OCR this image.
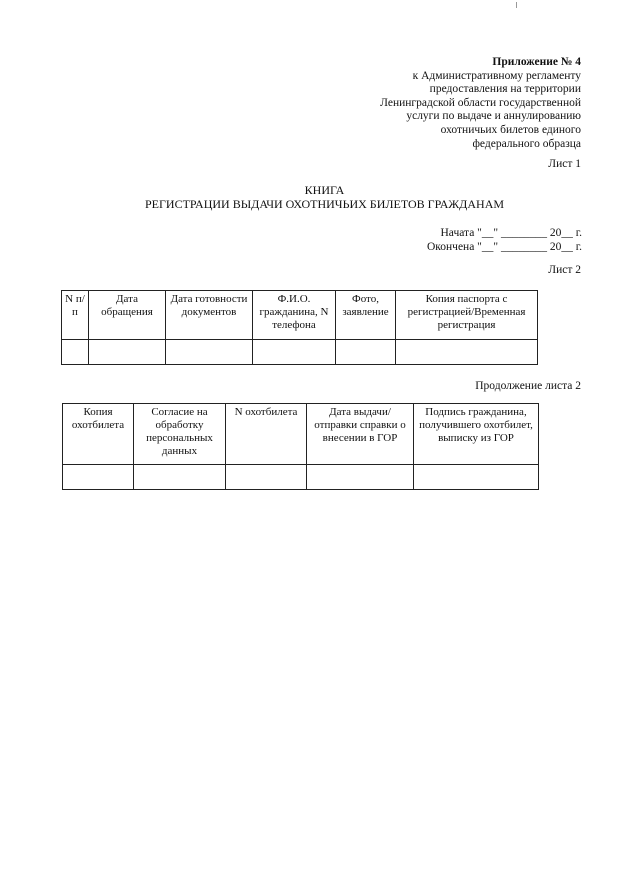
Приложение № 4
к Административному регламенту
предоставления на территории
Ленинградской области государственной
услуги по выдаче и аннулированию
охотничьих билетов единого
федерального образца
Лист 1
КНИГА
РЕГИСТРАЦИИ ВЫДАЧИ ОХОТНИЧЬИХ БИЛЕТОВ ГРАЖДАНАМ
Начата "__" ________ 20__ г.
Окончена "__" ________ 20__ г.
Лист 2
N п/п	Дата обращения	Дата готовности документов	Ф.И.О. гражданина, N телефона	Фото, заявление	Копия паспорта с регистрацией/Временная регистрация

Продолжение листа 2
Копия охотбилета	Согласие на обработку персональных данных	N охотбилета	Дата выдачи/отправки справки о внесении в ГОР	Подпись гражданина, получившего охотбилет, выписку из ГОР
